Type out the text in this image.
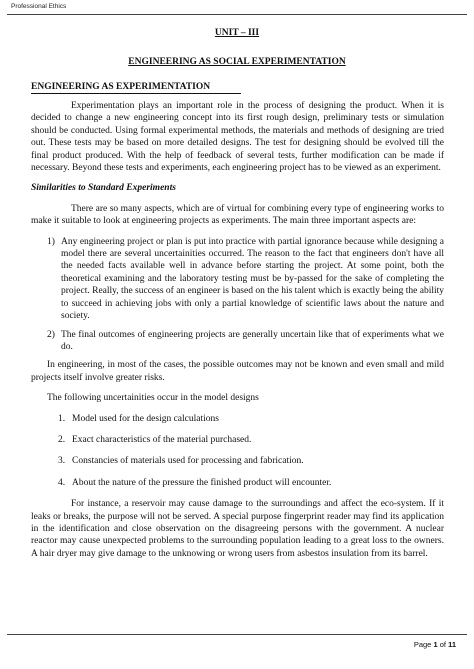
Professional Ethics
UNIT – III
ENGINEERING AS SOCIAL EXPERIMENTATION
ENGINEERING AS EXPERIMENTATION

Experimentation plays an important role in the process of designing the product. When it is decided to change a new engineering concept into its first rough design, preliminary tests or simulation should be conducted. Using formal experimental methods, the materials and methods of designing are tried out. These tests may be based on more detailed designs. The test for designing should be evolved till the final product produced. With the help of feedback of several tests, further modification can be made if necessary. Beyond these tests and experiments, each engineering project has to be viewed as an experiment.

Similarities to Standard Experiments

There are so many aspects, which are of virtual for combining every type of engineering works to make it suitable to look at engineering projects as experiments. The main three important aspects are:

1) Any engineering project or plan is put into practice with partial ignorance because while designing a model there are several uncertainities occurred. The reason to the fact that engineers don't have all the needed facts available well in advance before starting the project. At some point, both the theoretical examining and the laboratory testing must be by-passed for the sake of completing the project. Really, the success of an engineer is based on the his talent which is exactly being the ability to succeed in achieving jobs with only a partial knowledge of scientific laws about the nature and society.
2) The final outcomes of engineering projects are generally uncertain like that of experiments what we do.

In engineering, in most of the cases, the possible outcomes may not be known and even small and mild projects itself involve greater risks.

The following uncertainities occur in the model designs

1. Model used for the design calculations
2. Exact characteristics of the material purchased.
3. Constancies of materials used for processing and fabrication.
4. About the nature of the pressure the finished product will encounter.

For instance, a reservoir may cause damage to the surroundings and affect the eco-system. If it leaks or breaks, the purpose will not be served. A special purpose fingerprint reader may find its application in the identification and close observation on the disagreeing persons with the government. A nuclear reactor may cause unexpected problems to the surrounding population leading to a great loss to the owners. A hair dryer may give damage to the unknowing or wrong users from asbestos insulation from its barrel.

Page 1 of 11
